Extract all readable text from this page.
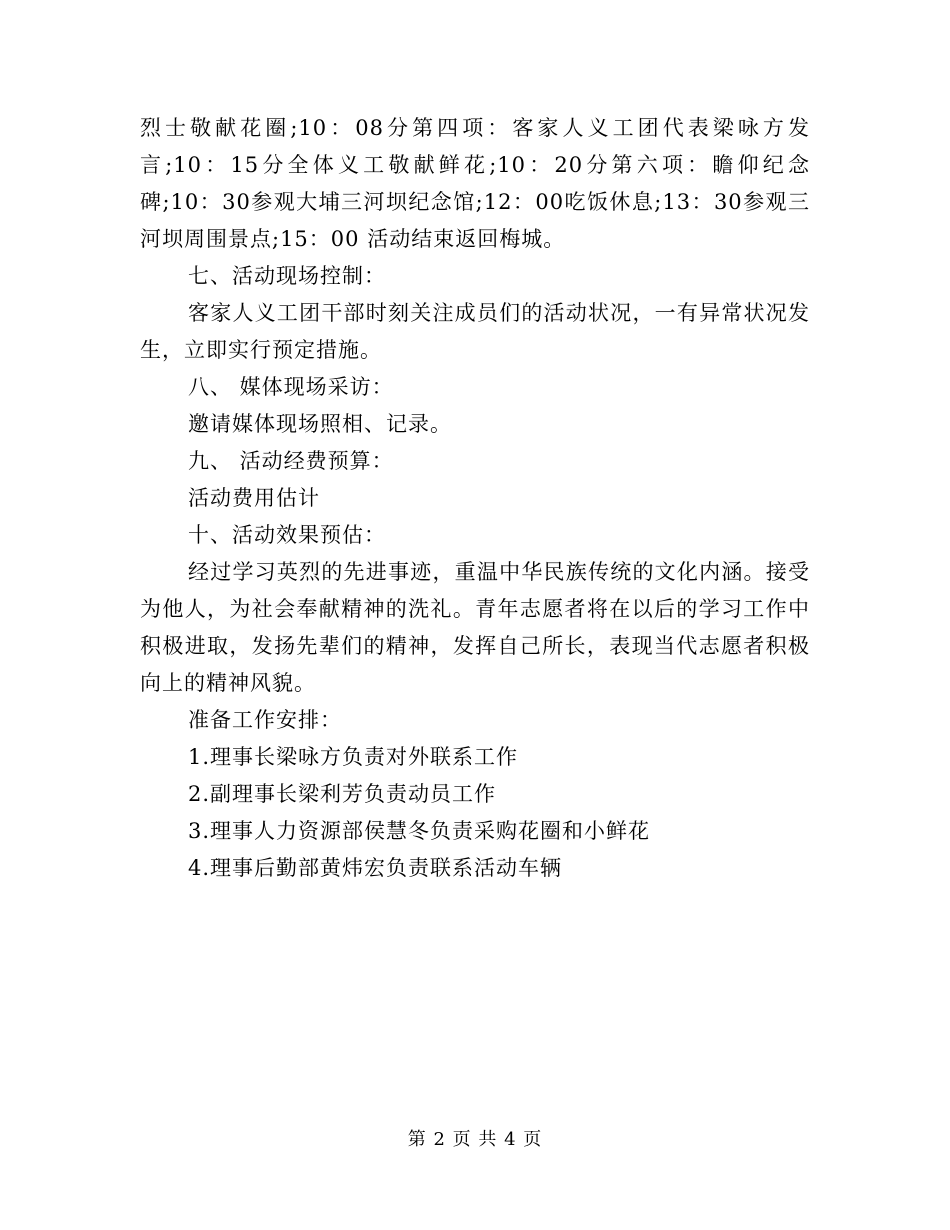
烈士敬献花圈;10：08分第四项：客家人义工团代表梁咏方发言;10：15分全体义工敬献鲜花;10：20分第六项：瞻仰纪念碑;10：30参观大埔三河坝纪念馆;12：00吃饭休息;13：30参观三河坝周围景点;15：00 活动结束返回梅城。

七、活动现场控制：

客家人义工团干部时刻关注成员们的活动状况，一有异常状况发生，立即实行预定措施。

八、 媒体现场采访：

邀请媒体现场照相、记录。

九、 活动经费预算：

活动费用估计

十、活动效果预估：

经过学习英烈的先进事迹，重温中华民族传统的文化内涵。接受为他人，为社会奉献精神的洗礼。青年志愿者将在以后的学习工作中积极进取，发扬先辈们的精神，发挥自己所长，表现当代志愿者积极向上的精神风貌。

准备工作安排：

1.理事长梁咏方负责对外联系工作

2.副理事长梁利芳负责动员工作

3.理事人力资源部侯慧冬负责采购花圈和小鲜花

4.理事后勤部黄炜宏负责联系活动车辆

第 2 页 共 4 页
